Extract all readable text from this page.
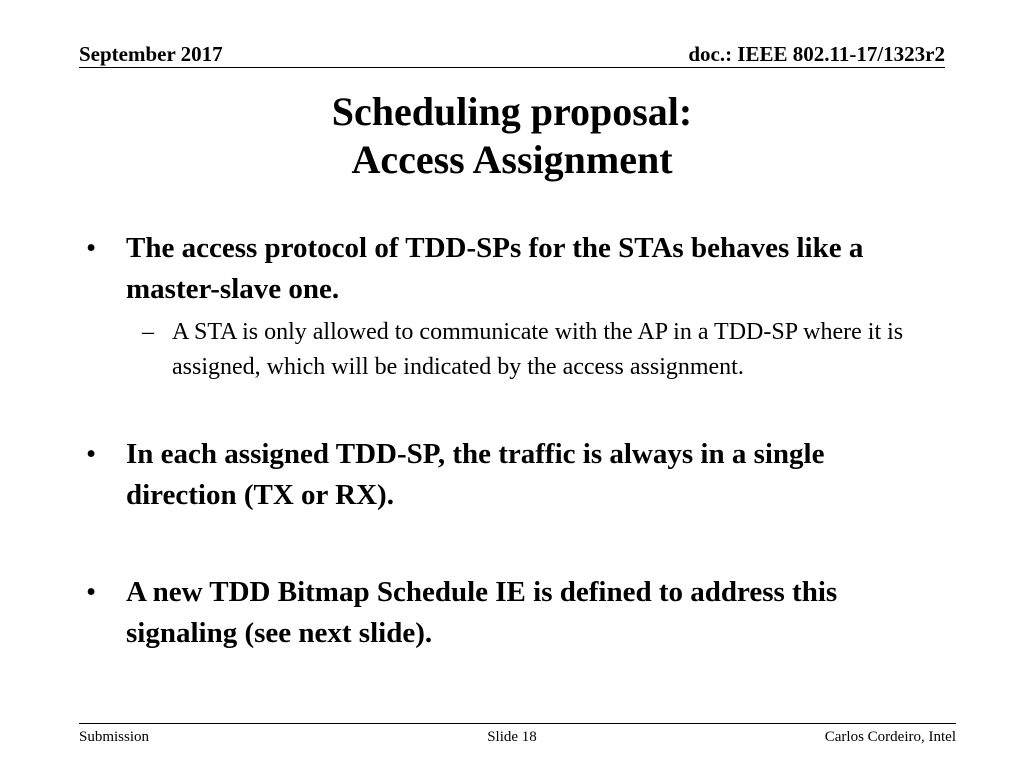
September 2017	doc.: IEEE 802.11-17/1323r2
Scheduling proposal:
Access Assignment
• The access protocol of TDD-SPs for the STAs behaves like a master-slave one.
– A STA is only allowed to communicate with the AP in a TDD-SP where it is assigned, which will be indicated by the access assignment.
• In each assigned TDD-SP, the traffic is always in a single direction (TX or RX).
• A new TDD Bitmap Schedule IE is defined to address this signaling (see next slide).
Submission	Slide 18	Carlos Cordeiro, Intel
